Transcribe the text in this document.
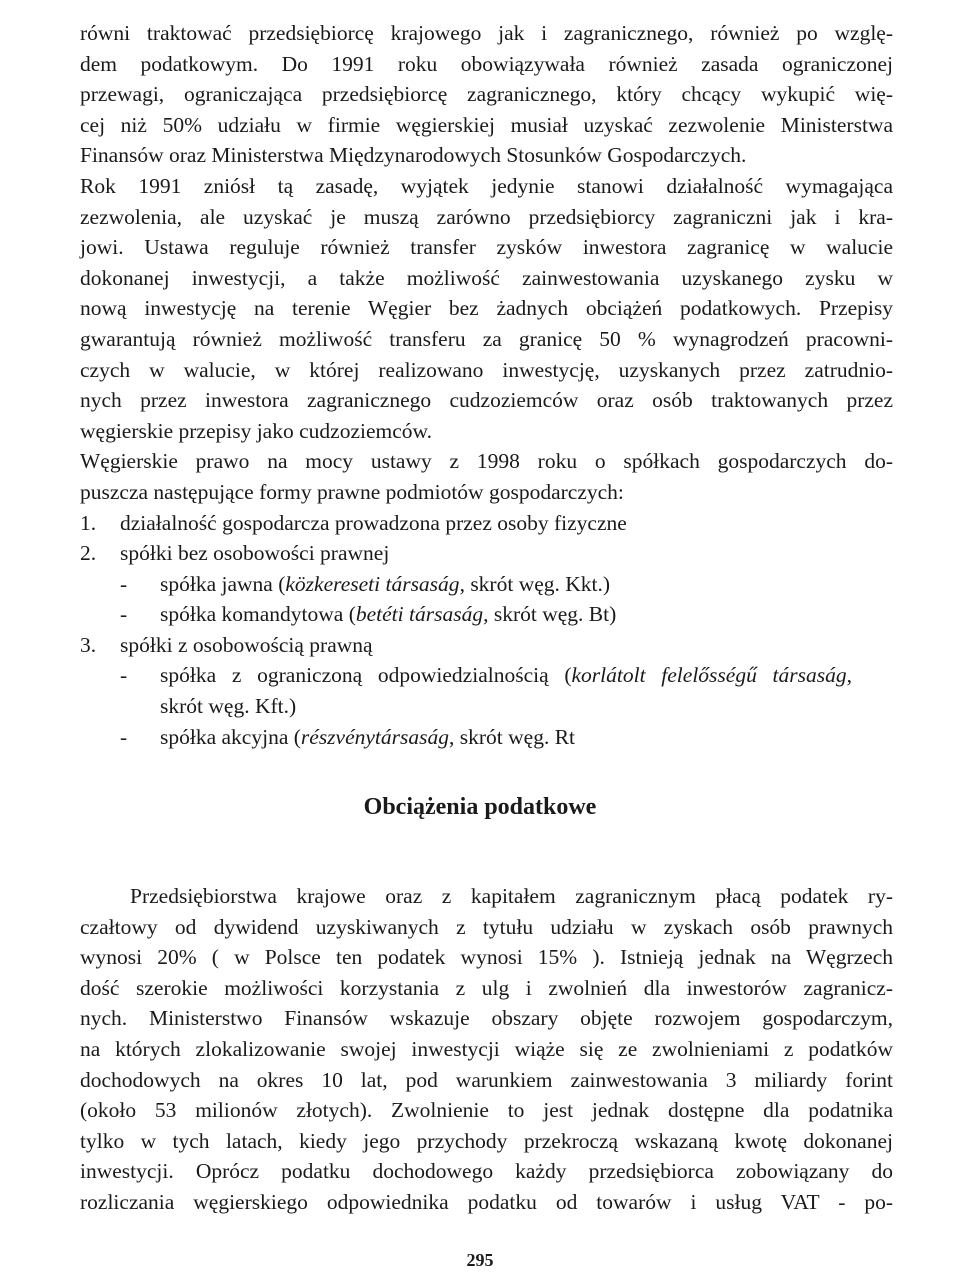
równi traktować przedsiębiorcę krajowego jak i zagranicznego, również po wzglę-
dem podatkowym. Do 1991 roku obowiązywała również zasada ograniczonej
przewagi, ograniczająca przedsiębiorcę zagranicznego, który chcący wykupić wię-
cej niż 50% udziału w firmie węgierskiej musiał uzyskać zezwolenie Ministerstwa
Finansów oraz Ministerstwa Międzynarodowych Stosunków Gospodarczych.
Rok 1991 zniósł tą zasadę, wyjątek jedynie stanowi działalność wymagająca
zezwolenia, ale uzyskać je muszą zarówno przedsiębiorcy zagraniczni jak i kra-
jowi. Ustawa reguluje również transfer zysków inwestora zagranicę w walucie
dokonanej inwestycji, a także możliwość zainwestowania uzyskanego zysku w
nową inwestycję na terenie Węgier bez żadnych obciążeń podatkowych. Przepisy
gwarantują również możliwość transferu za granicę 50 % wynagrodzeń pracowni-
czych w walucie, w której realizowano inwestycję, uzyskanych przez zatrudnio-
nych przez inwestora zagranicznego cudzoziemców oraz osób traktowanych przez
węgierskie przepisy jako cudzoziemców.
Węgierskie prawo na mocy ustawy z 1998 roku o spółkach gospodarczych do-
puszcza następujące formy prawne podmiotów gospodarczych:
1.	działalność gospodarcza prowadzona przez osoby fizyczne
2.	spółki bez osobowości prawnej
-	spółka jawna (közkereseti társaság, skrót węg. Kkt.)
-	spółka komandytowa (betéti társaság, skrót węg. Bt)
3.	spółki z osobowością prawną
-	spółka z ograniczoną odpowiedzialnością (korlátolt felelősségű társaság,
skrót węg. Kft.)
-	spółka akcyjna (részvénytársaság, skrót węg. Rt
Obciążenia podatkowe
Przedsiębiorstwa krajowe oraz z kapitałem zagranicznym płacą podatek ry-
czałtowy od dywidend uzyskiwanych z tytułu udziału w zyskach osób prawnych
wynosi 20% ( w Polsce ten podatek wynosi 15% ). Istnieją jednak na Węgrzech
dość szerokie możliwości korzystania z ulg i zwolnień dla inwestorów zagranicz-
nych. Ministerstwo Finansów wskazuje obszary objęte rozwojem gospodarczym,
na których zlokalizowanie swojej inwestycji wiąże się ze zwolnieniami z podatków
dochodowych na okres 10 lat, pod warunkiem zainwestowania 3 miliardy forint
(około 53 milionów złotych). Zwolnienie to jest jednak dostępne dla podatnika
tylko w tych latach, kiedy jego przychody przekroczą wskazaną kwotę dokonanej
inwestycji. Oprócz podatku dochodowego każdy przedsiębiorca zobowiązany do
rozliczania węgierskiego odpowiednika podatku od towarów i usług VAT - po-
295
